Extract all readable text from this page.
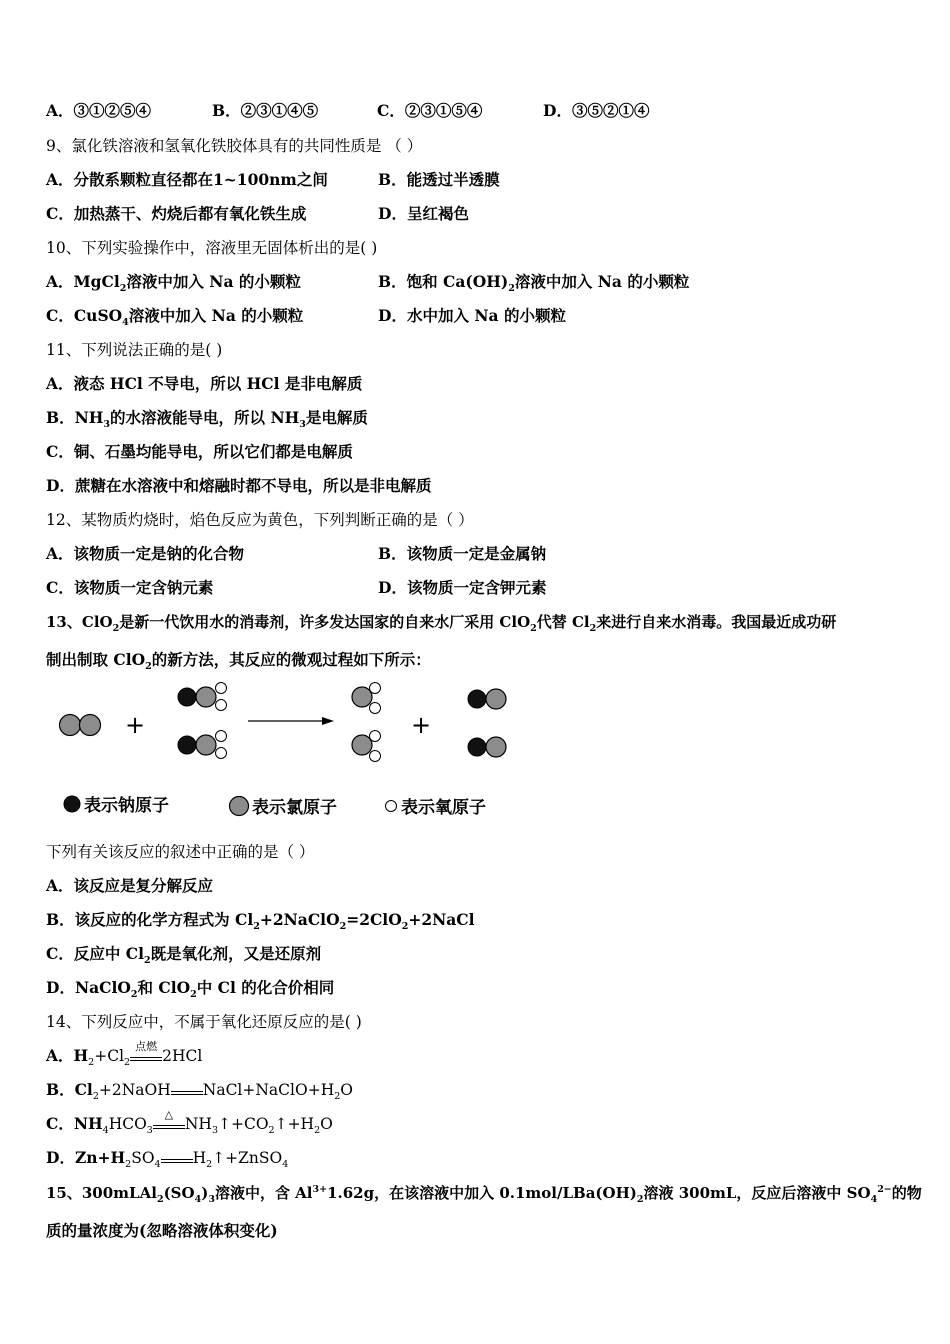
A．③①②⑤④	B．②③①④⑤	C．②③①⑤④	D．③⑤②①④
9、氯化铁溶液和氢氧化铁胶体具有的共同性质是 （ ）
A．分散系颗粒直径都在1~100nm之间	B．能透过半透膜
C．加热蒸干、灼烧后都有氧化铁生成	D．呈红褐色
10、下列实验操作中，溶液里无固体析出的是( )
A．MgCl$_2$溶液中加入 Na 的小颗粒	B．饱和 $Ca(OH)_2$溶液中加入 Na 的小颗粒
C．CuSO$_4$溶液中加入 Na 的小颗粒	D．水中加入 Na 的小颗粒
11、下列说法正确的是( )
A．液态 HCl 不导电，所以 HCl 是非电解质
B．$NH_3$的水溶液能导电，所以 $NH_3$是电解质
C．铜、石墨均能导电，所以它们都是电解质
D．蔗糖在水溶液中和熔融时都不导电，所以是非电解质
12、某物质灼烧时，焰色反应为黄色，下列判断正确的是（ ）
A．该物质一定是钠的化合物	B．该物质一定是金属钠
C．该物质一定含钠元素	D．该物质一定含钾元素
13、ClO$_2$是新一代饮用水的消毒剂，许多发达国家的自来水厂采用 ClO$_2$代替 $Cl_2$来进行自来水消毒。我国最近成功研
制出制取 ClO$_2$的新方法，其反应的微观过程如下所示：
+	+
表示钠原子	表示氯原子	表示氧原子
下列有关该反应的叙述中正确的是（ ）
A．该反应是复分解反应
B．该反应的化学方程式为 $Cl_2+2NaClO_2=2ClO_2+2NaCl$
C．反应中 $Cl_2$既是氧化剂，又是还原剂
D．NaClO$_2$和 ClO$_2$中 Cl 的化合价相同
14、下列反应中，不属于氧化还原反应的是( )
A．$H_2+Cl_2$
点燃
2HCl
B．$Cl_2+2NaOH$ $NaCl+NaClO+H_2O$
C．$NH_4HCO_3$
△
$NH_3↑+CO_2↑+H_2O$
D．$Zn+H_2SO_4$ $H_2↑+ZnSO_4$
15、$300mLAl_2(SO_4)_3$溶液中，含 $Al^{3+}1.62g$，在该溶液中加入 $0.1mol/LBa(OH)_2$溶液 300mL，反应后溶液中 $SO_4^{2-}$的物
质的量浓度为(忽略溶液体积变化)
